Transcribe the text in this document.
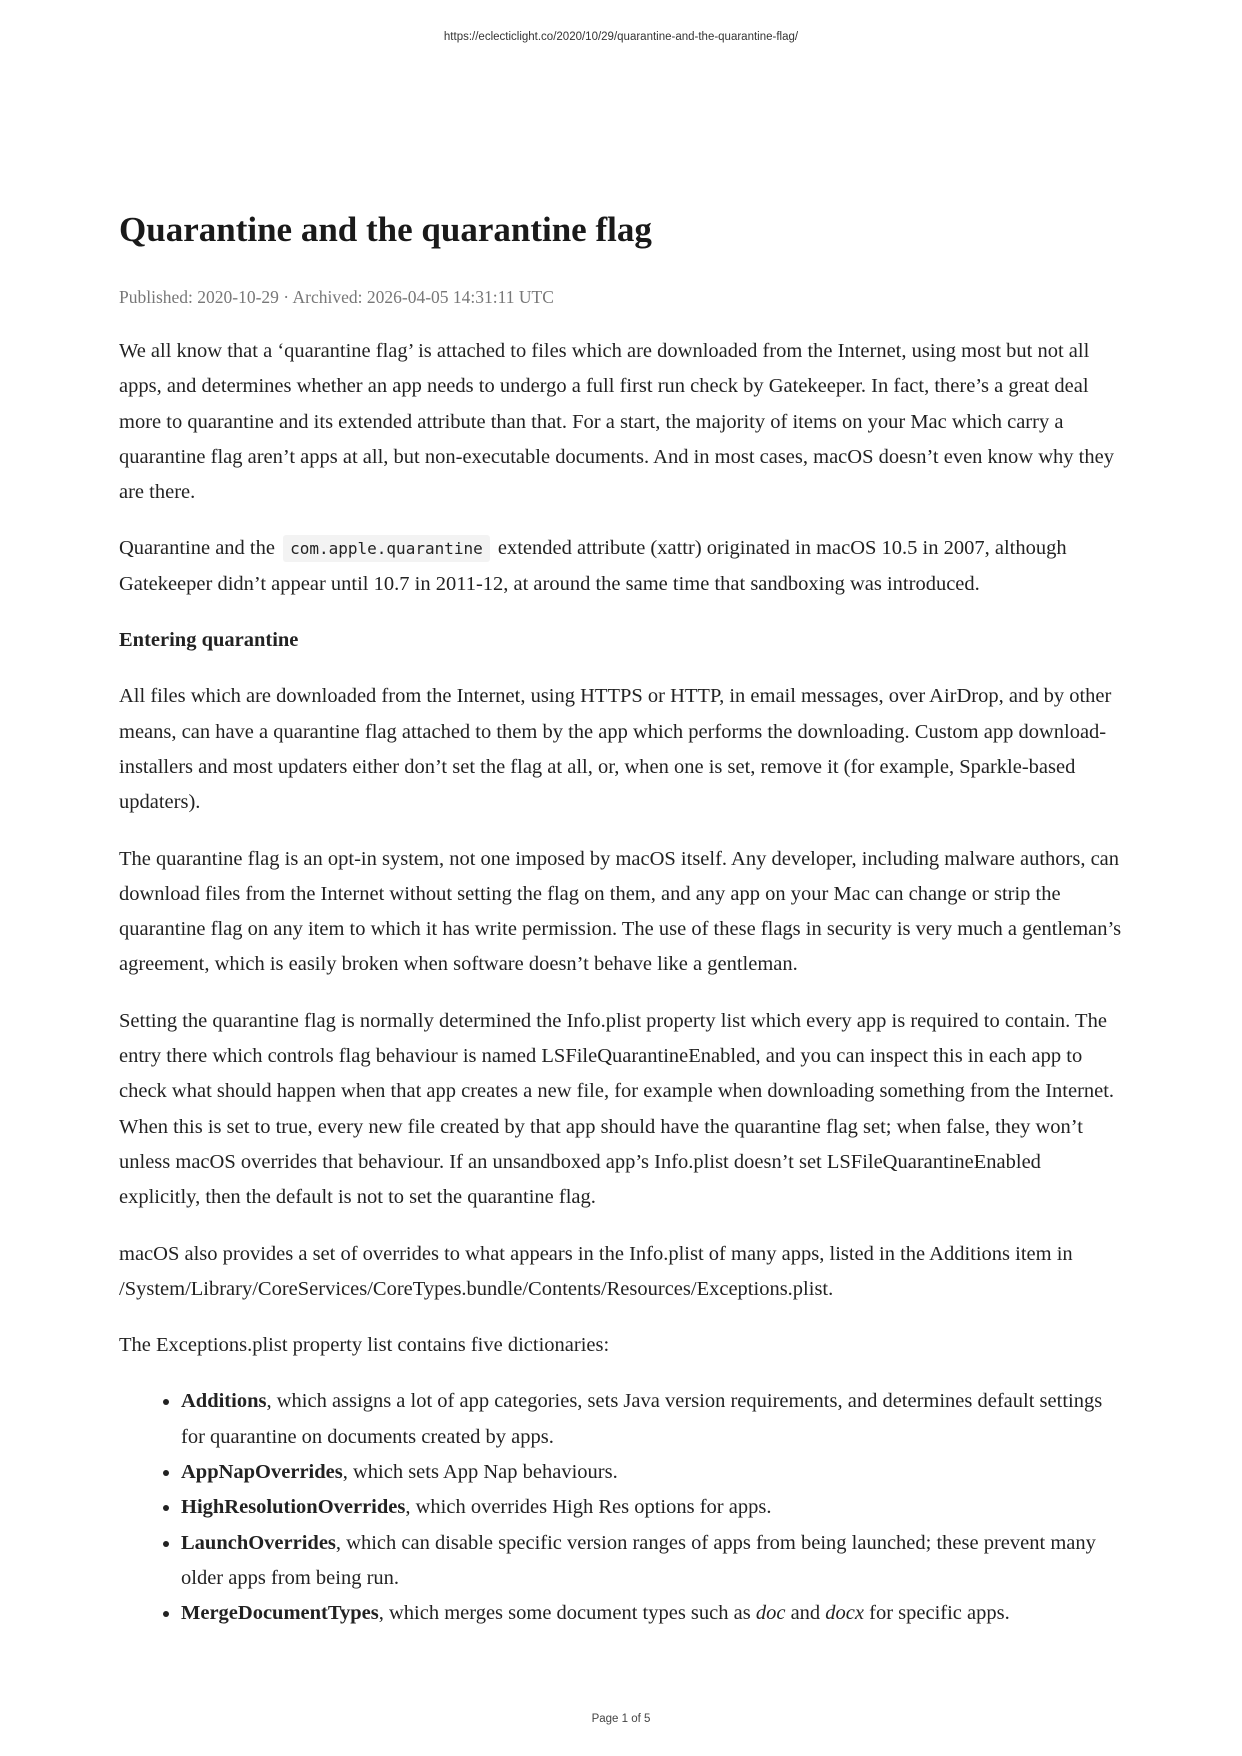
https://eclecticlight.co/2020/10/29/quarantine-and-the-quarantine-flag/
Quarantine and the quarantine flag
Published: 2020-10-29 · Archived: 2026-04-05 14:31:11 UTC

We all know that a ‘quarantine flag’ is attached to files which are downloaded from the Internet, using most but not all apps, and determines whether an app needs to undergo a full first run check by Gatekeeper. In fact, there’s a great deal more to quarantine and its extended attribute than that. For a start, the majority of items on your Mac which carry a quarantine flag aren’t apps at all, but non-executable documents. And in most cases, macOS doesn’t even know why they are there.

Quarantine and the com.apple.quarantine extended attribute (xattr) originated in macOS 10.5 in 2007, although Gatekeeper didn’t appear until 10.7 in 2011-12, at around the same time that sandboxing was introduced.

Entering quarantine

All files which are downloaded from the Internet, using HTTPS or HTTP, in email messages, over AirDrop, and by other means, can have a quarantine flag attached to them by the app which performs the downloading. Custom app download-installers and most updaters either don’t set the flag at all, or, when one is set, remove it (for example, Sparkle-based updaters).

The quarantine flag is an opt-in system, not one imposed by macOS itself. Any developer, including malware authors, can download files from the Internet without setting the flag on them, and any app on your Mac can change or strip the quarantine flag on any item to which it has write permission. The use of these flags in security is very much a gentleman’s agreement, which is easily broken when software doesn’t behave like a gentleman.

Setting the quarantine flag is normally determined the Info.plist property list which every app is required to contain. The entry there which controls flag behaviour is named LSFileQuarantineEnabled, and you can inspect this in each app to check what should happen when that app creates a new file, for example when downloading something from the Internet. When this is set to true, every new file created by that app should have the quarantine flag set; when false, they won’t unless macOS overrides that behaviour. If an unsandboxed app’s Info.plist doesn’t set LSFileQuarantineEnabled explicitly, then the default is not to set the quarantine flag.

macOS also provides a set of overrides to what appears in the Info.plist of many apps, listed in the Additions item in /System/Library/CoreServices/CoreTypes.bundle/Contents/Resources/Exceptions.plist.

The Exceptions.plist property list contains five dictionaries:

• Additions, which assigns a lot of app categories, sets Java version requirements, and determines default settings for quarantine on documents created by apps.
• AppNapOverrides, which sets App Nap behaviours.
• HighResolutionOverrides, which overrides High Res options for apps.
• LaunchOverrides, which can disable specific version ranges of apps from being launched; these prevent many older apps from being run.
• MergeDocumentTypes, which merges some document types such as doc and docx for specific apps.
Page 1 of 5
